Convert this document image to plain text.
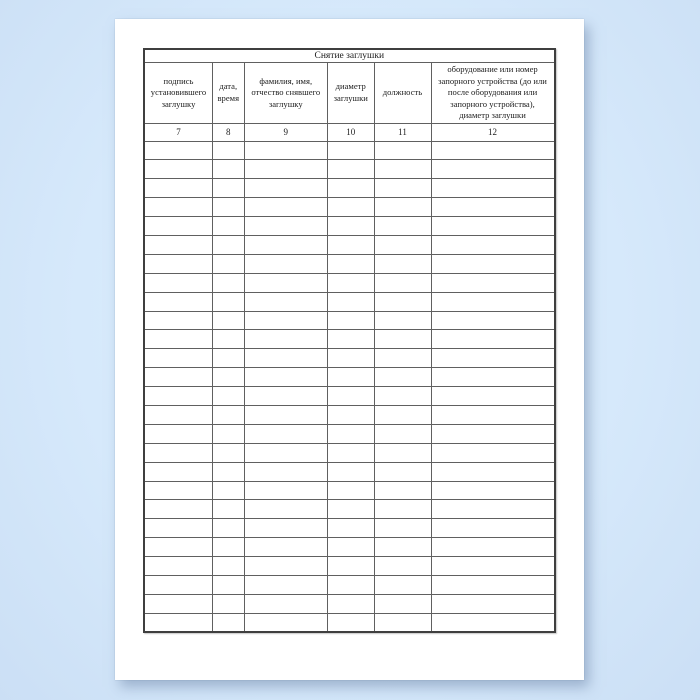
Снятие заглушки					
подпись установившего заглушку	дата, время	фамилия, имя, отчество снявшего заглушку	диаметр заглушки	должность	оборудование или номер запорного устройства (до или после оборудования или запорного устройства), диаметр заглушки
7	8	9	10	11	12
